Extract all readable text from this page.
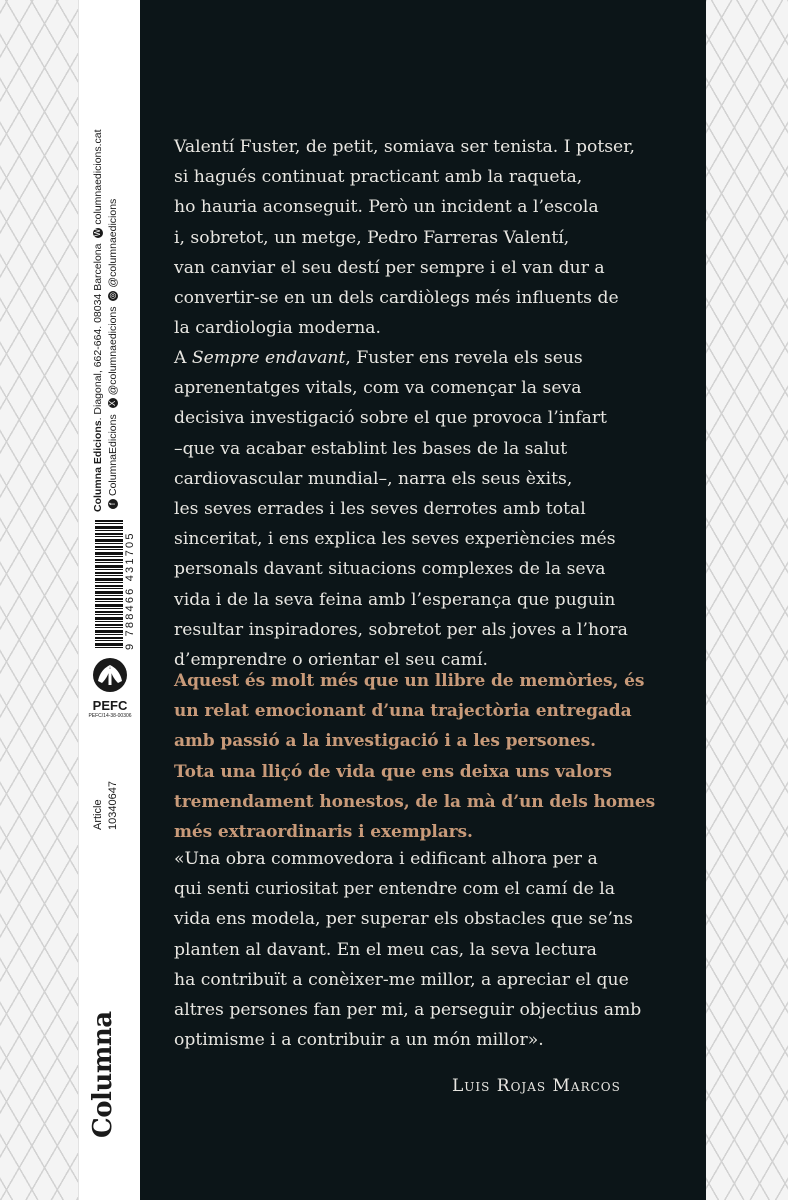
Columna Edicions. Diagonal, 662-664. 08034 Barcelona Wcolumnaedicions.cat
fColumnaEdicions X@columnaedicions ◎@columnaedicions
9 788466 431705
PEFC
PEFC/14-38-00306
Article 10340647
Columna
Valentí Fuster, de petit, somiava ser tenista. I potser,
si hagués continuat practicant amb la raqueta,
ho hauria aconseguit. Però un incident a l’escola
i, sobretot, un metge, Pedro Farreras Valentí,
van canviar el seu destí per sempre i el van dur a
convertir-se en un dels cardiòlegs més influents de
la cardiologia moderna.
A Sempre endavant, Fuster ens revela els seus
aprenentatges vitals, com va començar la seva
decisiva investigació sobre el que provoca l’infart
–que va acabar establint les bases de la salut
cardiovascular mundial–, narra els seus èxits,
les seves errades i les seves derrotes amb total
sinceritat, i ens explica les seves experiències més
personals davant situacions complexes de la seva
vida i de la seva feina amb l’esperança que puguin
resultar inspiradores, sobretot per als joves a l’hora
d’emprendre o orientar el seu camí.
Aquest és molt més que un llibre de memòries, és
un relat emocionant d’una trajectòria entregada
amb passió a la investigació i a les persones.
Tota una lliçó de vida que ens deixa uns valors
tremendament honestos, de la mà d’un dels homes
més extraordinaris i exemplars.
«Una obra commovedora i edificant alhora per a
qui senti curiositat per entendre com el camí de la
vida ens modela, per superar els obstacles que se’ns
planten al davant. En el meu cas, la seva lectura
ha contribuït a conèixer-me millor, a apreciar el que
altres persones fan per mi, a perseguir objectius amb
optimisme i a contribuir a un món millor».
Luis Rojas Marcos
